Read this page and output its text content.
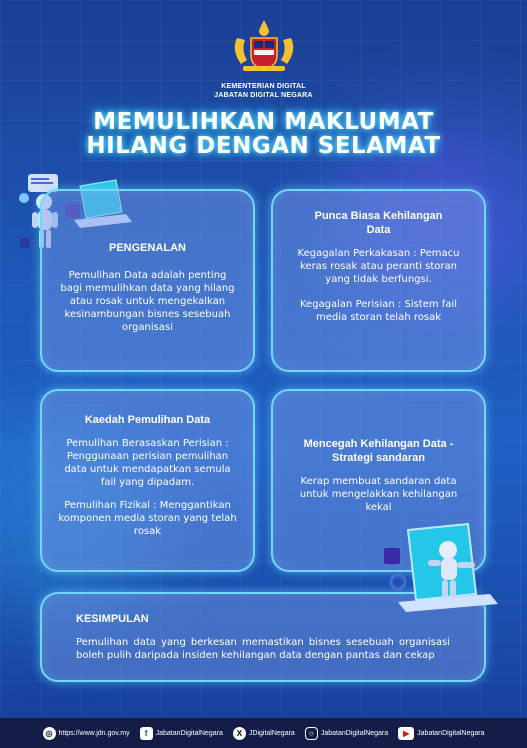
KEMENTERIAN DIGITAL
JABATAN DIGITAL NEGARA
MEMULIHKAN MAKLUMAT
HILANG DENGAN SELAMAT
PENGENALAN

Pemulihan Data adalah penting bagi memulihkan data yang hilang atau rosak untuk mengekalkan kesinambungan bisnes sesebuah organisasi

Punca Biasa Kehilangan Data

Kegagalan Perkakasan : Pemacu keras rosak atau peranti storan yang tidak berfungsi.

Kegagalan Perisian : Sistem fail media storan telah rosak

Kaedah Pemulihan Data

Pemulihan Berasaskan Perisian : Penggunaan perisian pemulihan data untuk mendapatkan semula fail yang dipadam.

Pemulihan Fizikal : Menggantikan komponen media storan yang telah rosak

Mencegah Kehilangan Data - Strategi sandaran

Kerap membuat sandaran data untuk mengelakkan kehilangan kekal

KESIMPULAN

Pemulihan data yang berkesan memastikan bisnes sesebuah organisasi boleh pulih daripada insiden kehilangan data dengan pantas dan cekap

◎ https://www.jdn.gov.my	f	JabatanDigitalNegara	X JDigitalNegara	○	JabatanDigitalNegara	▶	JabatanDigitalNegara
